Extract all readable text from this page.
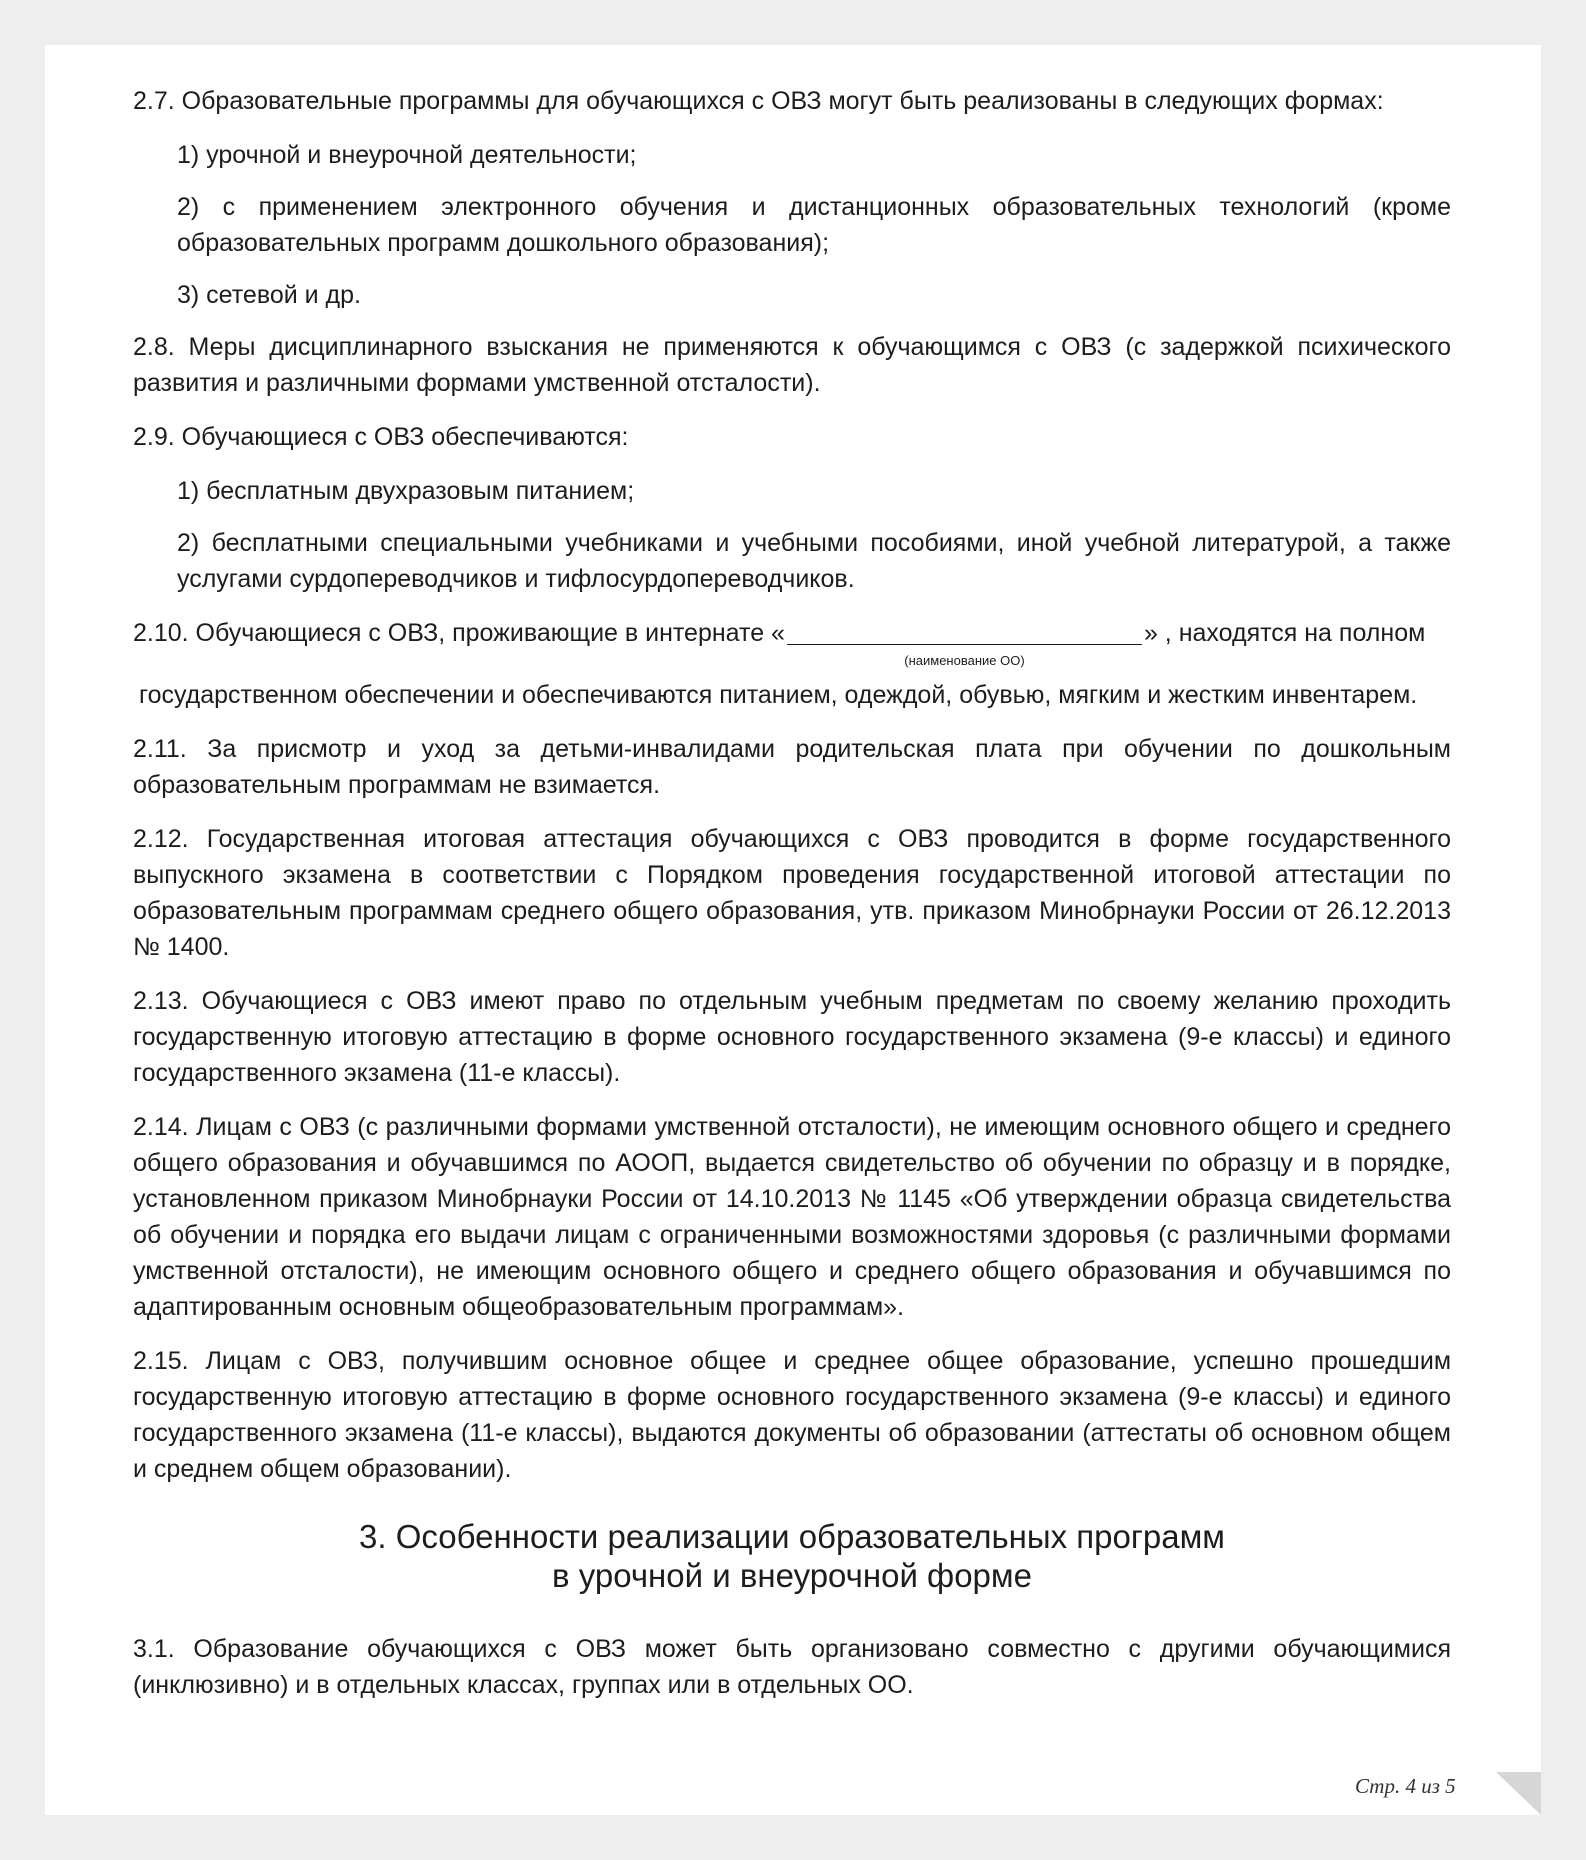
2.7. Образовательные программы для обучающихся с ОВЗ могут быть реализованы в следующих формах:

1) урочной и внеурочной деятельности;

2) с применением электронного обучения и дистанционных образовательных технологий (кроме образовательных программ дошкольного образования);

3) сетевой и др.

2.8. Меры дисциплинарного взыскания не применяются к обучающимся с ОВЗ (с задержкой психического развития и различными формами умственной отсталости).

2.9. Обучающиеся с ОВЗ обеспечиваются:

1) бесплатным двухразовым питанием;

2) бесплатными специальными учебниками и учебными пособиями, иной учебной литературой, а также услугами сурдопереводчиков и тифлосурдопереводчиков.

2.10. Обучающиеся с ОВЗ, проживающие в интернате «
(наименование ОО)
» , находятся на полном

государственном обеспечении и обеспечиваются питанием, одеждой, обувью, мягким и жестким инвентарем.

2.11. За присмотр и уход за детьми-инвалидами родительская плата при обучении по дошкольным образовательным программам не взимается.

2.12. Государственная итоговая аттестация обучающихся с ОВЗ проводится в форме государственного выпускного экзамена в соответствии с Порядком проведения государственной итоговой аттестации по образовательным программам среднего общего образования, утв. приказом Минобрнауки России от 26.12.2013 № 1400.

2.13. Обучающиеся с ОВЗ имеют право по отдельным учебным предметам по своему желанию проходить государственную итоговую аттестацию в форме основного государственного экзамена (9-е классы) и единого государственного экзамена (11-е классы).

2.14. Лицам с ОВЗ (с различными формами умственной отсталости), не имеющим основного общего и среднего общего образования и обучавшимся по АООП, выдается свидетельство об обучении по образцу и в порядке, установленном приказом Минобрнауки России от 14.10.2013 № 1145 «Об утверждении образца свидетельства об обучении и порядка его выдачи лицам с ограниченными возможностями здоровья (с различными формами умственной отсталости), не имеющим основного общего и среднего общего образования и обучавшимся по адаптированным основным общеобразовательным программам».

2.15. Лицам с ОВЗ, получившим основное общее и среднее общее образование, успешно прошедшим государственную итоговую аттестацию в форме основного государственного экзамена (9-е классы) и единого государственного экзамена (11-е классы), выдаются документы об образовании (аттестаты об основном общем и среднем общем образовании).

3. Особенности реализации образовательных программ
в урочной и внеурочной форме

3.1. Образование обучающихся с ОВЗ может быть организовано совместно с другими обучающимися (инклюзивно) и в отдельных классах, группах или в отдельных ОО.

Стр. 4 из 5
